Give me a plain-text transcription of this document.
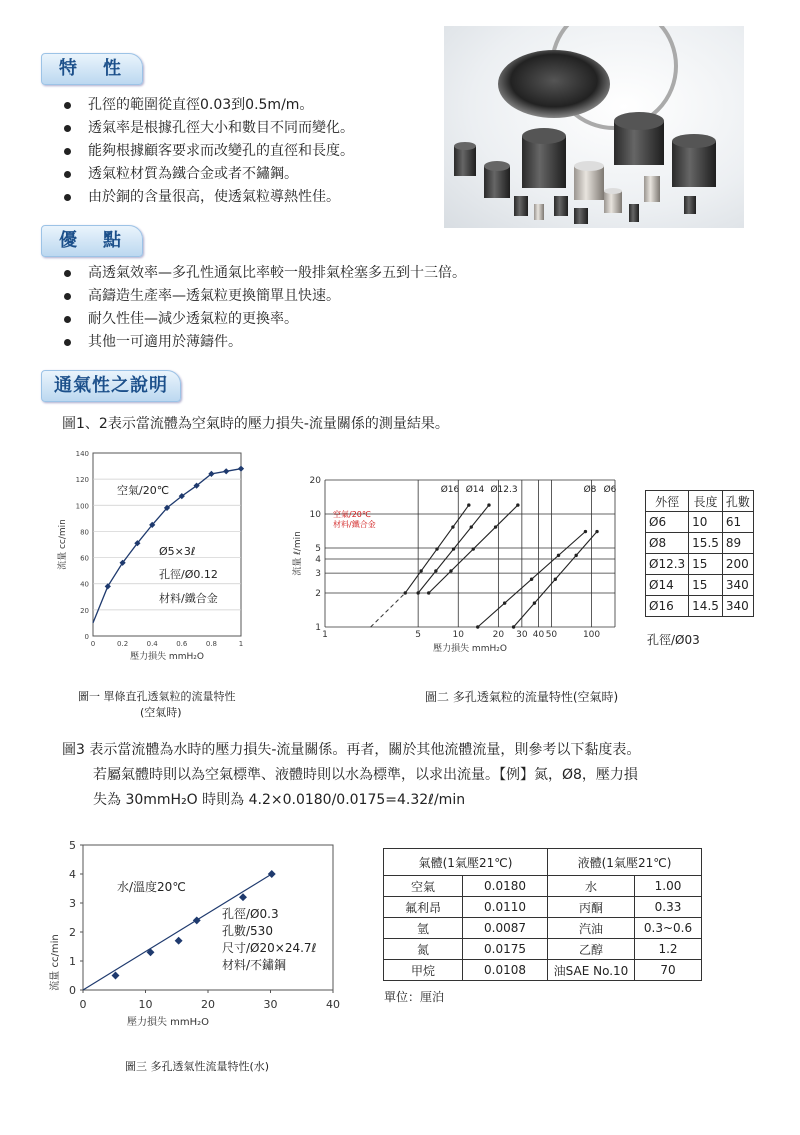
特　性
孔徑的範圍從直徑0.03到0.5m/m。
透氣率是根據孔徑大小和數目不同而變化。
能夠根據顧客要求而改變孔的直徑和長度。
透氣粒材質為鐵合金或者不鏽鋼。
由於銅的含量很高，使透氣粒導熱性佳。
優　點
高透氣效率—多孔性通氣比率較一般排氣栓塞多五到十三倍。
高鑄造生產率—透氣粒更換簡單且快速。
耐久性佳—減少透氣粒的更換率。
其他一可適用於薄鑄件。
通氣性之說明
圖1、2表示當流體為空氣時的壓力損失-流量關係的測量結果。
0
20
40
60
80
100
120
140
0	0.2	0.4	0.6	0.8	1
壓力損失 mmH₂O
流量 cc/min
空氣/20℃
Ø5×3ℓ
孔徑/Ø0.12
材料/鐵合金
圖一 單條直孔透氣粒的流量特性
(空氣時)
1
2
3
4
5
10
20
1	5	10	20 30 40 50	100
壓力損失 mmH₂O
流量 ℓ/min
Ø16 Ø14 Ø12.3	Ø8 Ø6
空氣/20℃
材料/鐵合金
圖二 多孔透氣粒的流量特性(空氣時)
外徑	長度	孔數
Ø6	10	61
Ø8	15.5	89
Ø12.3	15	200
Ø14	15	340
Ø16	14.5	340
孔徑/Ø03
圖3 表示當流體為水時的壓力損失-流量關係。再者，關於其他流體流量，則參考以下黏度表。
若屬氣體時則以為空氣標準、液體時則以水為標準，以求出流量。【例】氮，Ø8，壓力損
失為 30mmH₂O 時則為 4.2×0.0180/0.0175=4.32ℓ/min
0
1
2
3
4
5
0	10	20	30	40
壓力損失 mmH₂O
流量 cc/min
水/溫度20℃
孔徑/Ø0.3
孔數/530
尺寸/Ø20×24.7ℓ
材料/不鏽鋼
圖三 多孔透氣性流量特性(水)
氣體(1氣壓21℃)		液體(1氣壓21℃)	
空氣	0.0180	水	1.00
氟利昂	0.0110	丙酮	0.33
氫	0.0087	汽油	0.3~0.6
氮	0.0175	乙醇	1.2
甲烷	0.0108	油SAE No.10	70
單位：厘泊
